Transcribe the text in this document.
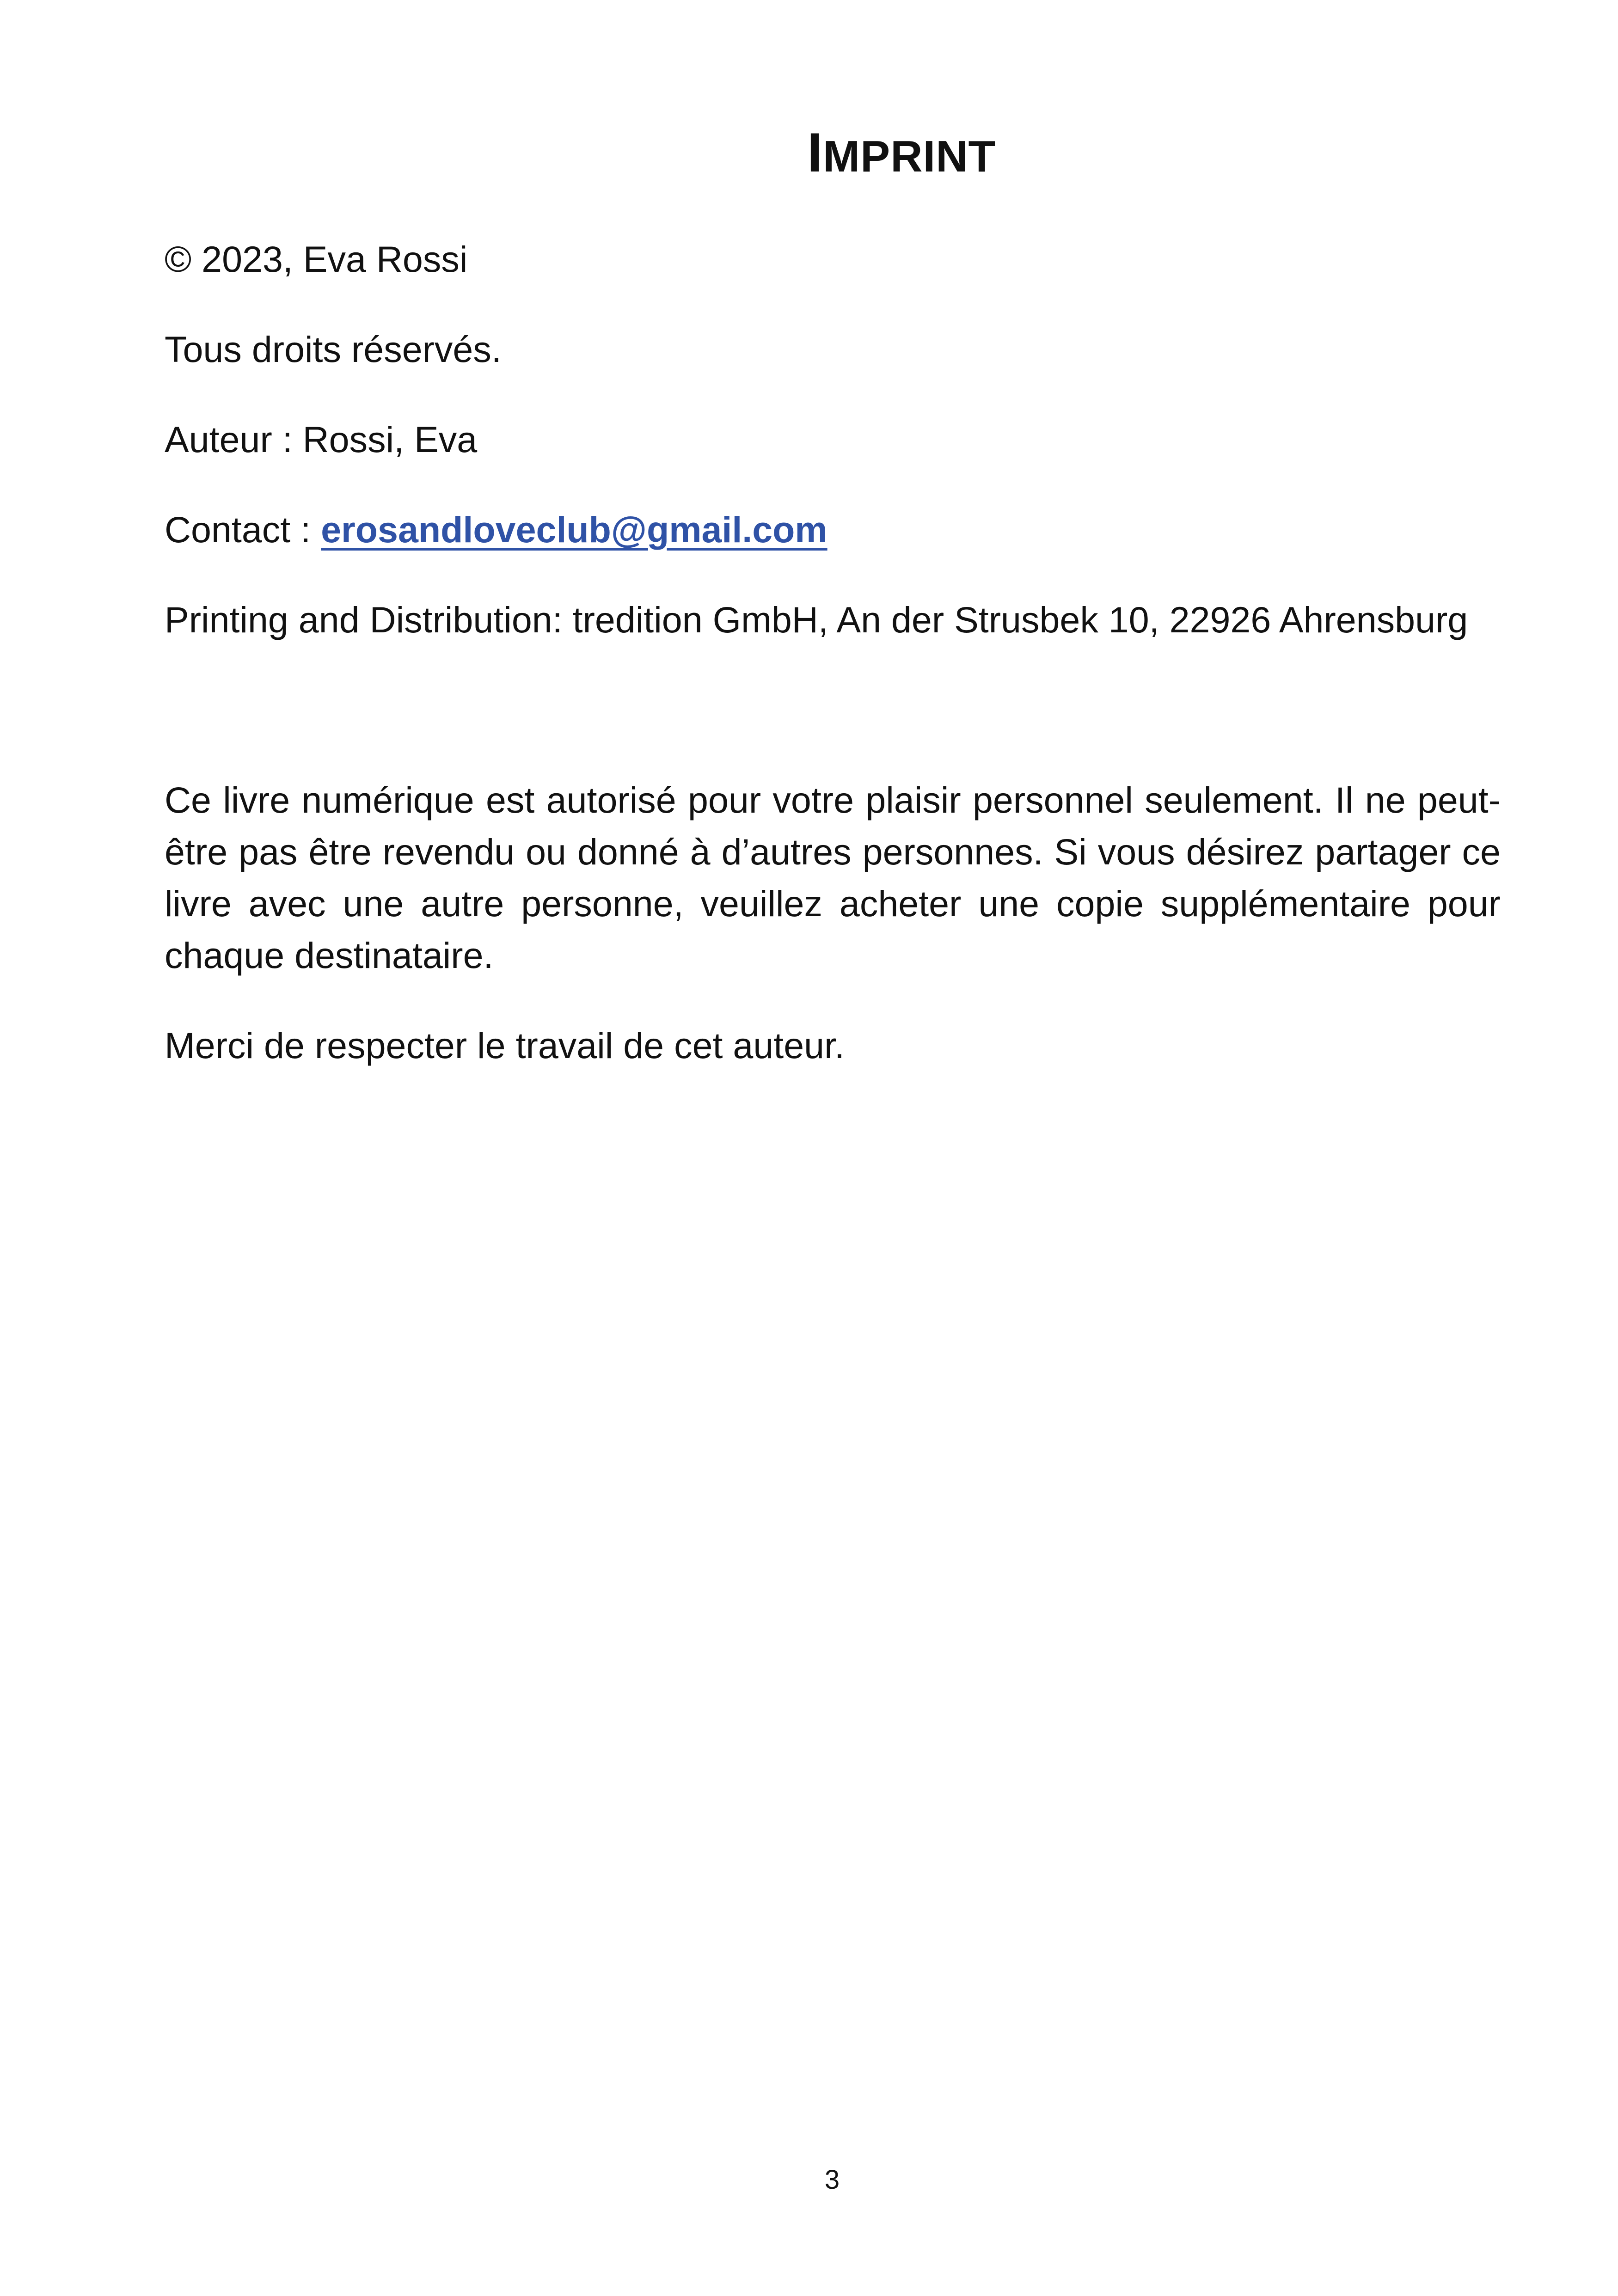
IMPRINT

© 2023, Eva Rossi

Tous droits réservés.

Auteur : Rossi, Eva

Contact : erosandloveclub@gmail.com

Printing and Distribution: tredition GmbH, An der Strusbek 10, 22926 Ahrensburg

Ce livre numérique est autorisé pour votre plaisir personnel seulement. Il ne peut-être pas être revendu ou donné à d’autres personnes. Si vous désirez partager ce livre avec une autre personne, veuillez acheter une copie supplémentaire pour chaque destinataire.

Merci de respecter le travail de cet auteur.

3
